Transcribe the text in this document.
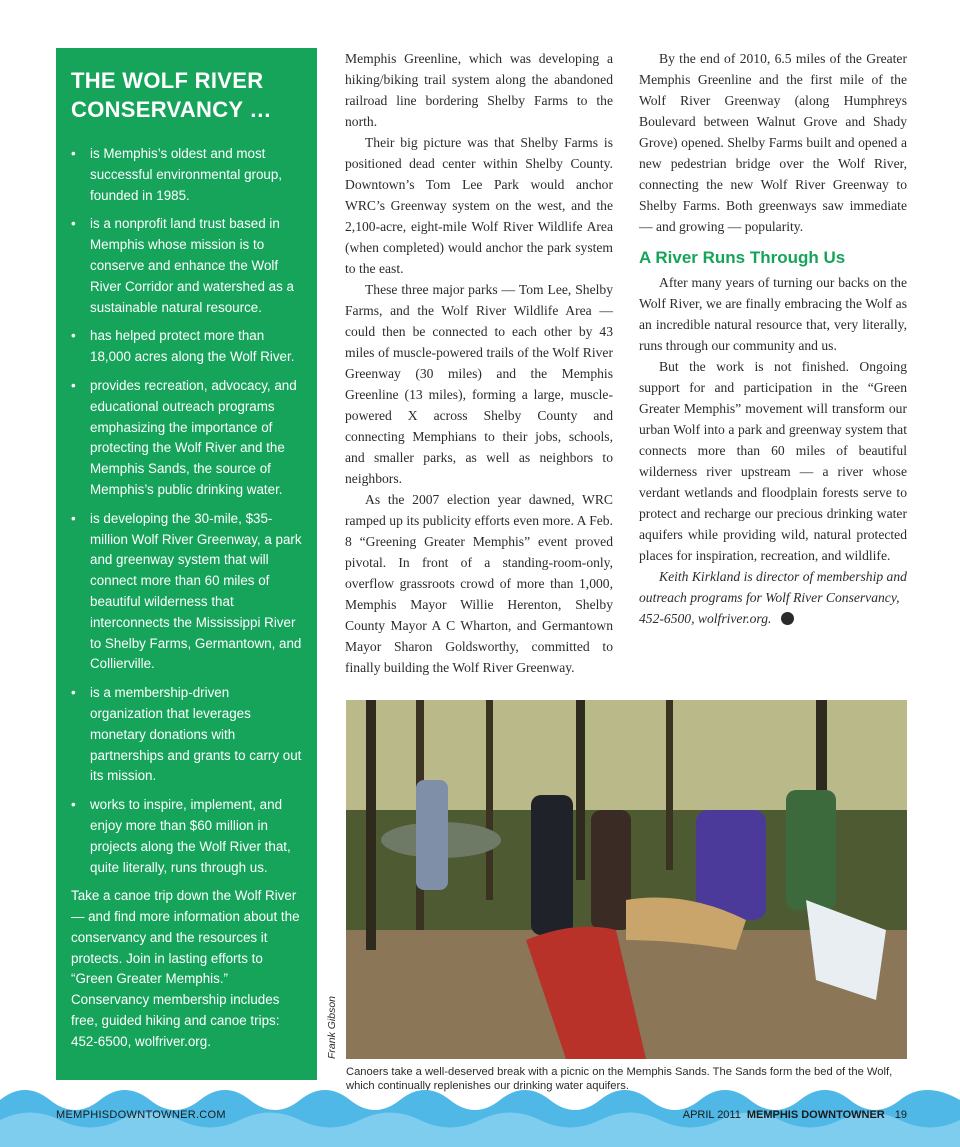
THE WOLF RIVER CONSERVANCY …
• is Memphis’s oldest and most successful environmental group, founded in 1985.
• is a nonprofit land trust based in Memphis whose mission is to conserve and enhance the Wolf River Corridor and watershed as a sustainable natural resource.
• has helped protect more than 18,000 acres along the Wolf River.
• provides recreation, advocacy, and educational outreach programs emphasizing the importance of protecting the Wolf River and the Memphis Sands, the source of Memphis’s public drinking water.
• is developing the 30-mile, $35-million Wolf River Greenway, a park and greenway system that will connect more than 60 miles of beautiful wilderness that interconnects the Mississippi River to Shelby Farms, Germantown, and Collierville.
• is a membership-driven organization that leverages monetary donations with partnerships and grants to carry out its mission.
• works to inspire, implement, and enjoy more than $60 million in projects along the Wolf River that, quite literally, runs through us.

Take a canoe trip down the Wolf River — and find more information about the conservancy and the resources it protects. Join in lasting efforts to “Green Greater Memphis.” Conservancy membership includes free, guided hiking and canoe trips: 452-6500, wolfriver.org.

Memphis Greenline, which was developing a hiking/biking trail system along the abandoned railroad line bordering Shelby Farms to the north.

Their big picture was that Shelby Farms is positioned dead center within Shelby County. Downtown’s Tom Lee Park would anchor WRC’s Greenway system on the west, and the 2,100-acre, eight-mile Wolf River Wildlife Area (when completed) would anchor the park system to the east.

These three major parks — Tom Lee, Shelby Farms, and the Wolf River Wildlife Area — could then be connected to each other by 43 miles of muscle-powered trails of the Wolf River Greenway (30 miles) and the Memphis Greenline (13 miles), forming a large, muscle-powered X across Shelby County and connecting Memphians to their jobs, schools, and smaller parks, as well as neighbors to neighbors.

As the 2007 election year dawned, WRC ramped up its publicity efforts even more. A Feb. 8 “Greening Greater Memphis” event proved pivotal. In front of a standing-room-only, overflow grassroots crowd of more than 1,000, Memphis Mayor Willie Herenton, Shelby County Mayor A C Wharton, and Germantown Mayor Sharon Goldsworthy, committed to finally building the Wolf River Greenway.

By the end of 2010, 6.5 miles of the Greater Memphis Greenline and the first mile of the Wolf River Greenway (along Humphreys Boulevard between Walnut Grove and Shady Grove) opened. Shelby Farms built and opened a new pedestrian bridge over the Wolf River, connecting the new Wolf River Greenway to Shelby Farms. Both greenways saw immediate — and growing — popularity.

A River Runs Through Us

After many years of turning our backs on the Wolf River, we are finally embracing the Wolf as an incredible natural resource that, very literally, runs through our community and us.

But the work is not finished. Ongoing support for and participation in the “Green Greater Memphis” movement will transform our urban Wolf into a park and greenway system that connects more than 60 miles of beautiful wilderness river upstream — a river whose verdant wetlands and floodplain forests serve to protect and recharge our precious drinking water aquifers while providing wild, natural protected places for inspiration, recreation, and wildlife.

Keith Kirkland is director of membership and outreach programs for Wolf River Conservancy, 452-6500, wolfriver.org.

Frank Gibson
Canoers take a well-deserved break with a picnic on the Memphis Sands. The Sands form the bed of the Wolf, which continually replenishes our drinking water aquifers.
MEMPHISDOWNTOWNER.COM	APRIL 2011 MEMPHIS DOWNTOWNER 19
